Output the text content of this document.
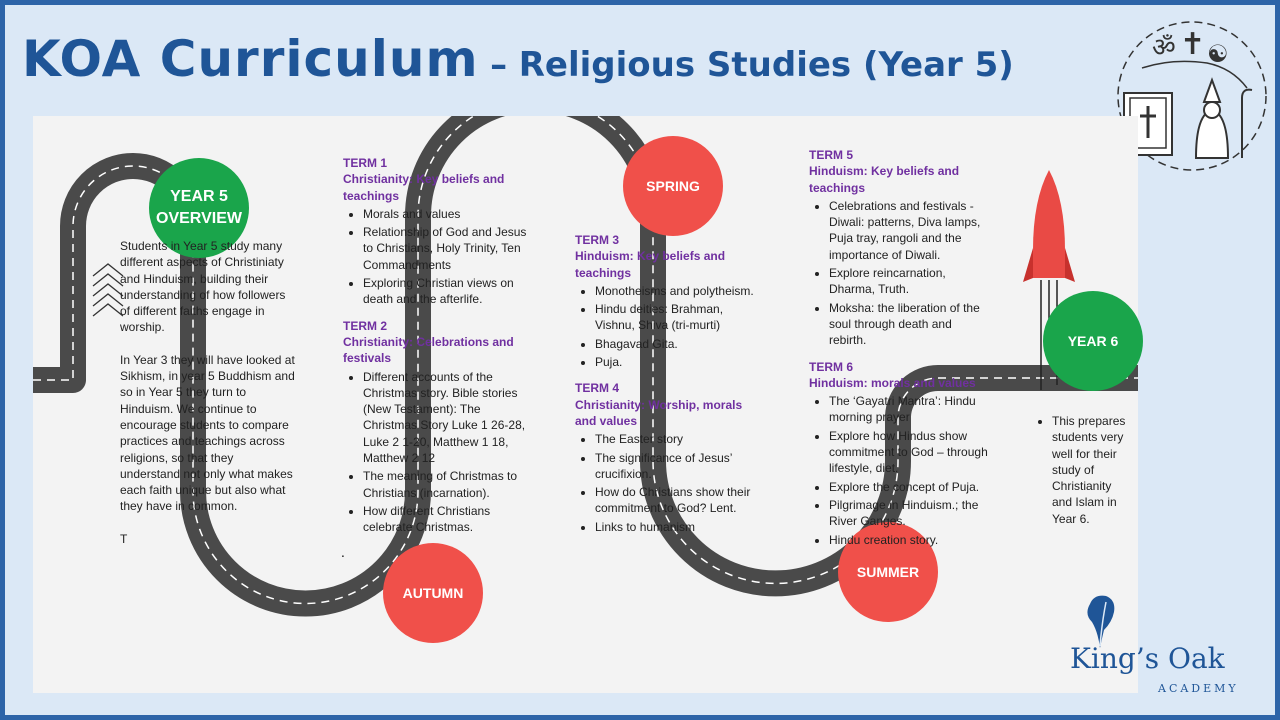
KOA Curriculum – Religious Studies (Year 5)	ॐ ✝ ☯
YEAR 5 OVERVIEW
AUTUMN
SPRING
SUMMER
YEAR 6
.

Students in Year 5 study many different aspects of Christiniaty and Hinduism, building their understanding of how followers of different faiths engage in worship.

In Year 3 they will have looked at Sikhism, in year 5 Buddhism and so in Year 5 they turn to Hinduism. We continue to encourage students to compare practices and teachings across religions, so that they understand not only what makes each faith unique but also what they have in common.

T

TERM 1
Christianity: Key beliefs and teachings
• Morals and values
• Relationship of God and Jesus to Christians, Holy Trinity, Ten Commandments
• Exploring Christian views on death and the afterlife.
TERM 2
Christianity: Celebrations and festivals
• Different accounts of the Christmas story. Bible stories (New Testament): The Christmas Story Luke 1 26-28, Luke 2 1-20, Matthew 1 18, Matthew 2 12
• The meaning of Christmas to Christians (incarnation).
• How different Christians celebrate Christmas.
TERM 3
Hinduism: Key beliefs and teachings
• Monotheisms and polytheism.
• Hindu deities: Brahman, Vishnu, Shiva (tri-murti)
• Bhagavad Gita.
• Puja.
TERM 4
Christianity: Worship, morals and values
• The Easter story
• The significance of Jesus’ crucifixion.
• How do Christians show their commitment to God? Lent.
• Links to humanism
TERM 5
Hinduism: Key beliefs and teachings
• Celebrations and festivals - Diwali: patterns, Diva lamps, Puja tray, rangoli and the importance of Diwali.
• Explore reincarnation, Dharma, Truth.
• Moksha: the liberation of the soul through death and rebirth.
TERM 6
Hinduism: morals and values
• The ‘Gayatri Mantra’: Hindu morning prayer
• Explore how Hindus show commitment to God – through lifestyle, diet.
• Explore the concept of Puja.
• Pilgrimage in Hinduism.; the River Ganges.
• Hindu creation story.
• This prepares students very well for their study of Christianity and Islam in Year 6.
King’s Oak
ACADEMY
